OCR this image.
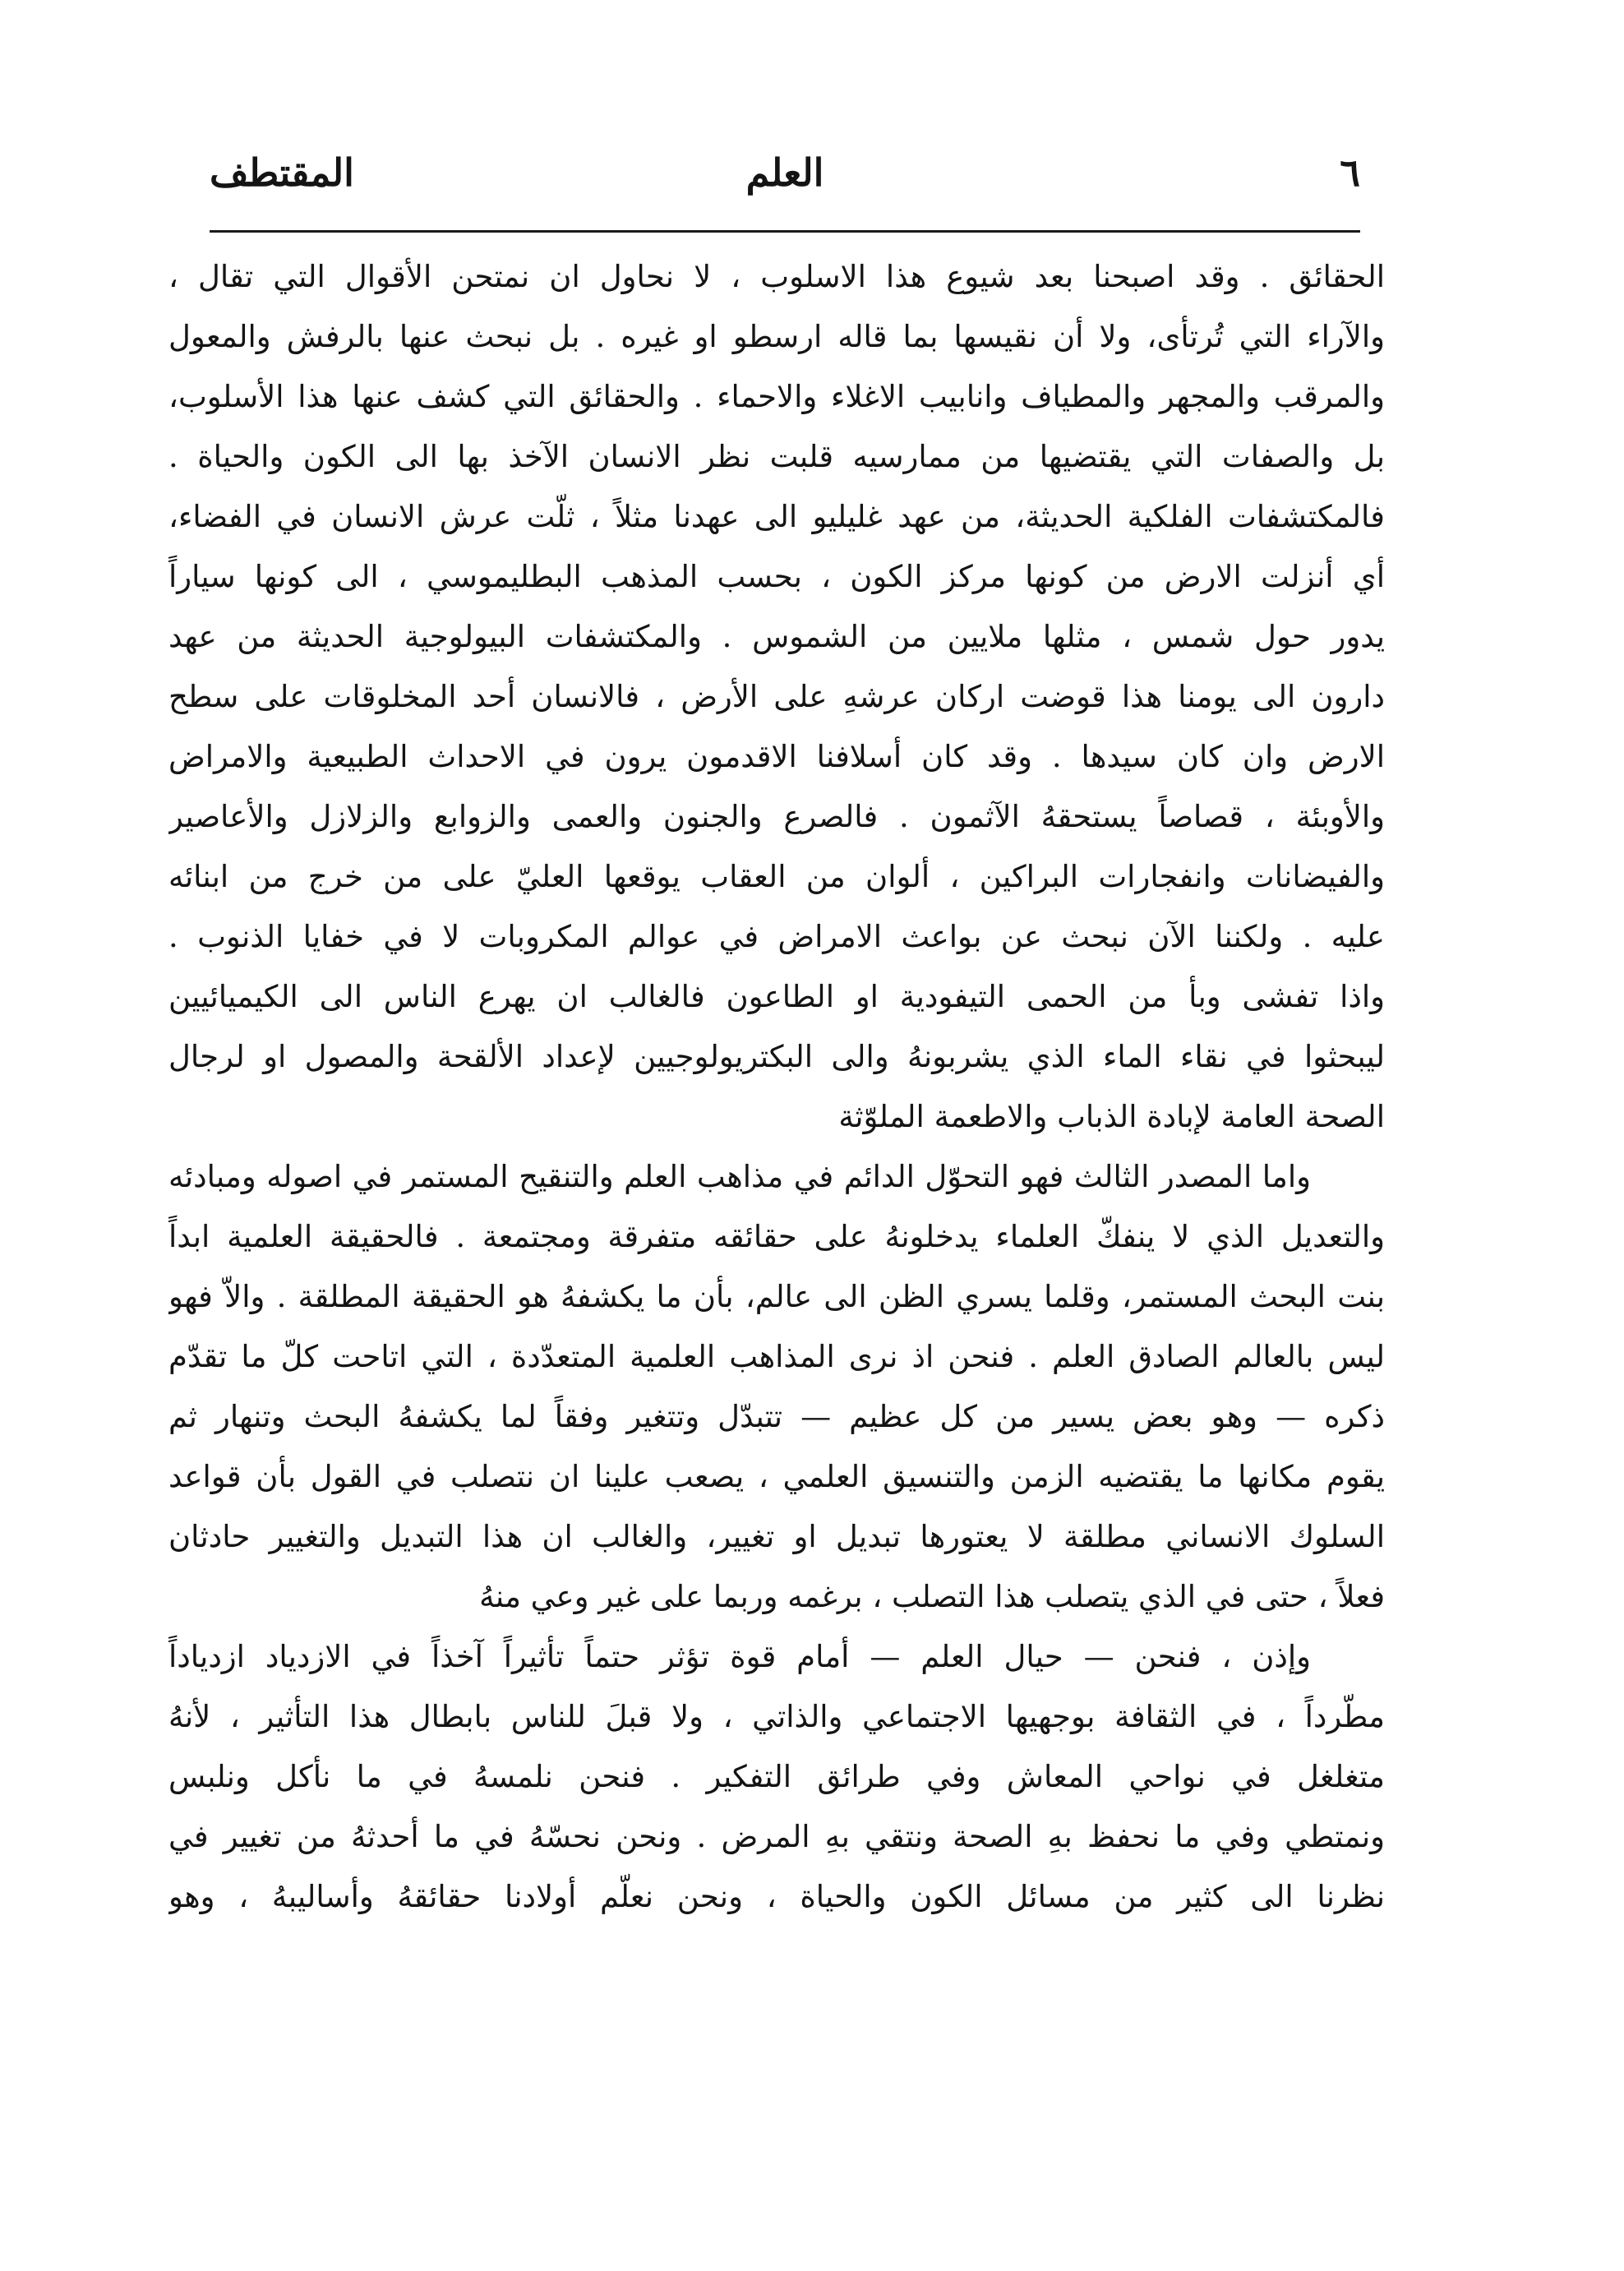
٦
العلم
المقتطف
الحقائق . وقد اصبحنا بعد شيوع هذا الاسلوب ، لا نحاول ان نمتحن الأقوال التي تقال ،
والآراء التي تُرتأى، ولا أن نقيسها بما قاله ارسطو او غيره . بل نبحث عنها بالرفش والمعول
والمرقب والمجهر والمطياف وانابيب الاغلاء والاحماء . والحقائق التي كشف عنها هذا الأسلوب،
بل والصفات التي يقتضيها من ممارسيه قلبت نظر الانسان الآخذ بها الى الكون والحياة .
فالمكتشفات الفلكية الحديثة، من عهد غليليو الى عهدنا مثلاً ، ثلّت عرش الانسان في الفضاء،
أي أنزلت الارض من كونها مركز الكون ، بحسب المذهب البطليموسي ، الى كونها سياراً
يدور حول شمس ، مثلها ملايين من الشموس . والمكتشفات البيولوجية الحديثة من عهد
دارون الى يومنا هذا قوضت اركان عرشهِ على الأرض ، فالانسان أحد المخلوقات على سطح
الارض وان كان سيدها . وقد كان أسلافنا الاقدمون يرون في الاحداث الطبيعية والامراض
والأوبئة ، قصاصاً يستحقهُ الآثمون . فالصرع والجنون والعمى والزوابع والزلازل والأعاصير
والفيضانات وانفجارات البراكين ، ألوان من العقاب يوقعها العليّ على من خرج من ابنائه
عليه . ولكننا الآن نبحث عن بواعث الامراض في عوالم المكروبات لا في خفايا الذنوب .
واذا تفشى وبأ من الحمى التيفودية او الطاعون فالغالب ان يهرع الناس الى الكيميائيين
ليبحثوا في نقاء الماء الذي يشربونهُ والى البكتريولوجيين لإعداد الألقحة والمصول او لرجال
الصحة العامة لإبادة الذباب والاطعمة الملوّثة
واما المصدر الثالث فهو التحوّل الدائم في مذاهب العلم والتنقيح المستمر في اصوله ومبادئه
والتعديل الذي لا ينفكّ العلماء يدخلونهُ على حقائقه متفرقة ومجتمعة . فالحقيقة العلمية ابداً
بنت البحث المستمر، وقلما يسري الظن الى عالم، بأن ما يكشفهُ هو الحقيقة المطلقة . والاّ فهو
ليس بالعالم الصادق العلم . فنحن اذ نرى المذاهب العلمية المتعدّدة ، التي اتاحت كلّ ما تقدّم
ذكره — وهو بعض يسير من كل عظيم — تتبدّل وتتغير وفقاً لما يكشفهُ البحث وتنهار ثم
يقوم مكانها ما يقتضيه الزمن والتنسيق العلمي ، يصعب علينا ان نتصلب في القول بأن قواعد
السلوك الانساني مطلقة لا يعتورها تبديل او تغيير، والغالب ان هذا التبديل والتغيير حادثان
فعلاً ، حتى في الذي يتصلب هذا التصلب ، برغمه وربما على غير وعي منهُ
وإذن ، فنحن — حيال العلم — أمام قوة تؤثر حتماً تأثيراً آخذاً في الازدياد ازدياداً
مطّرداً ، في الثقافة بوجهيها الاجتماعي والذاتي ، ولا قبلَ للناس بابطال هذا التأثير ، لأنهُ
متغلغل في نواحي المعاش وفي طرائق التفكير . فنحن نلمسهُ في ما نأكل ونلبس
ونمتطي وفي ما نحفظ بهِ الصحة ونتقي بهِ المرض . ونحن نحسّهُ في ما أحدثهُ من تغيير في
نظرنا الى كثير من مسائل الكون والحياة ، ونحن نعلّم أولادنا حقائقهُ وأساليبهُ ، وهو
